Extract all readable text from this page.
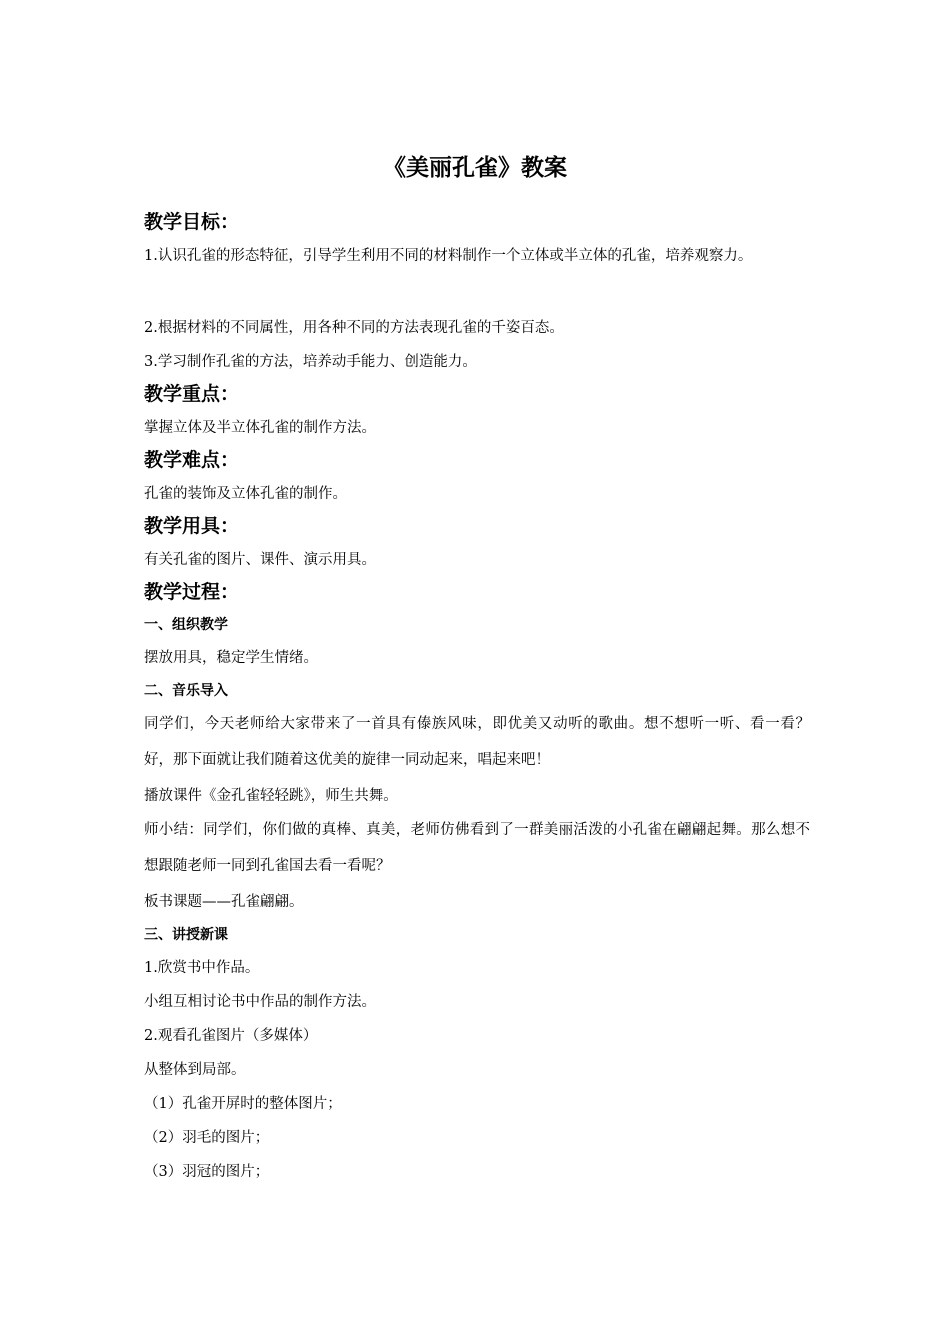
《美丽孔雀》教案
教学目标：
1.认识孔雀的形态特征，引导学生利用不同的材料制作一个立体或半立体的孔雀，培养观察力。
2.根据材料的不同属性，用各种不同的方法表现孔雀的千姿百态。
3.学习制作孔雀的方法，培养动手能力、创造能力。
教学重点：
掌握立体及半立体孔雀的制作方法。
教学难点：
孔雀的装饰及立体孔雀的制作。
教学用具：
有关孔雀的图片、课件、演示用具。
教学过程：
一、组织教学
摆放用具，稳定学生情绪。
二、音乐导入
同学们，今天老师给大家带来了一首具有傣族风味，即优美又动听的歌曲。想不想听一听、看一看？好，那下面就让我们随着这优美的旋律一同动起来，唱起来吧！
播放课件《金孔雀轻轻跳》，师生共舞。
师小结：同学们，你们做的真棒、真美，老师仿佛看到了一群美丽活泼的小孔雀在翩翩起舞。那么想不想跟随老师一同到孔雀国去看一看呢？
板书课题——孔雀翩翩。
三、讲授新课
1.欣赏书中作品。
小组互相讨论书中作品的制作方法。
2.观看孔雀图片（多媒体）
从整体到局部。
（1）孔雀开屏时的整体图片；
（2）羽毛的图片；
（3）羽冠的图片；
